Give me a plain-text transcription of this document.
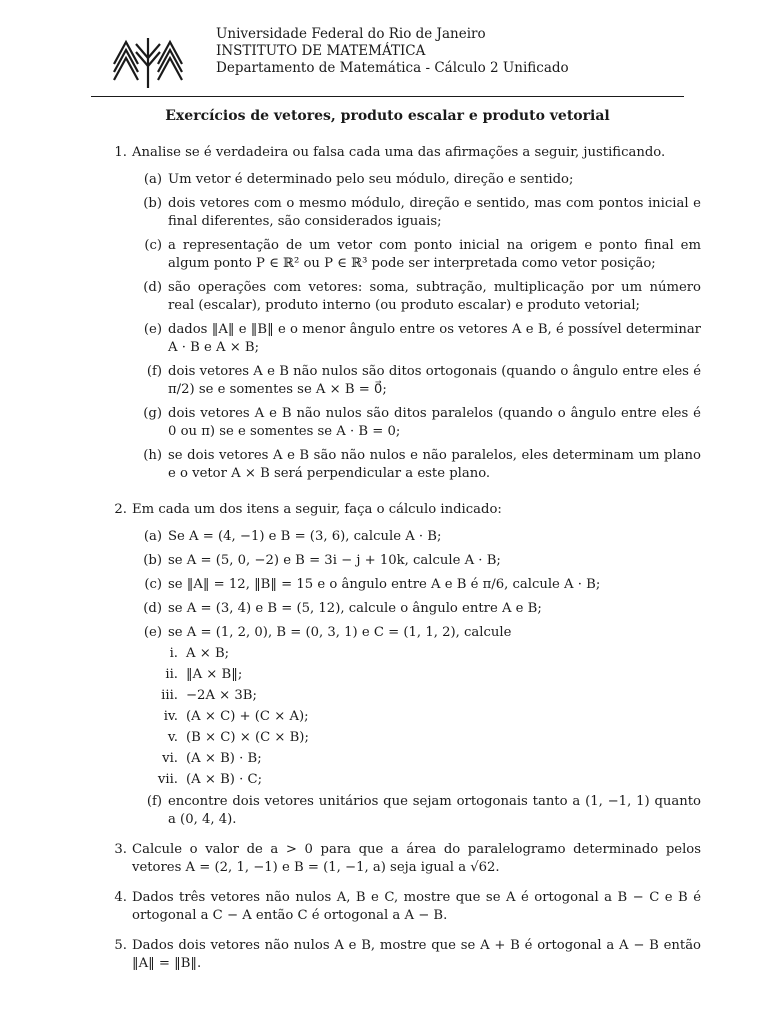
Universidade Federal do Rio de Janeiro
INSTITUTO DE MATEMÁTICA
Departamento de Matemática - Cálculo 2 Unificado
Exercícios de vetores, produto escalar e produto vetorial
1. Analise se é verdadeira ou falsa cada uma das afirmações a seguir, justificando.
(a) Um vetor é determinado pelo seu módulo, direção e sentido;
(b) dois vetores com o mesmo módulo, direção e sentido, mas com pontos inicial e final diferentes, são considerados iguais;
(c) a representação de um vetor com ponto inicial na origem e ponto final em algum ponto P ∈ ℝ² ou P ∈ ℝ³ pode ser interpretada como vetor posição;
(d) são operações com vetores: soma, subtração, multiplicação por um número real (escalar), produto interno (ou produto escalar) e produto vetorial;
(e) dados ‖A‖ e ‖B‖ e o menor ângulo entre os vetores A e B, é possível determinar A · B e A × B;
(f) dois vetores A e B não nulos são ditos ortogonais (quando o ângulo entre eles é π/2) se e somentes se A × B = 0⃗;
(g) dois vetores A e B não nulos são ditos paralelos (quando o ângulo entre eles é 0 ou π) se e somentes se A · B = 0;
(h) se dois vetores A e B são não nulos e não paralelos, eles determinam um plano e o vetor A × B será perpendicular a este plano.
2. Em cada um dos itens a seguir, faça o cálculo indicado:
(a) Se A = (4, −1) e B = (3, 6), calcule A · B;
(b) se A = (5, 0, −2) e B = 3i − j + 10k, calcule A · B;
(c) se ‖A‖ = 12, ‖B‖ = 15 e o ângulo entre A e B é π/6, calcule A · B;
(d) se A = (3, 4) e B = (5, 12), calcule o ângulo entre A e B;
(e) se A = (1, 2, 0), B = (0, 3, 1) e C = (1, 1, 2), calcule
i. A × B;
ii. ‖A × B‖;
iii. −2A × 3B;
iv. (A × C) + (C × A);
v. (B × C) × (C × B);
vi. (A × B) · B;
vii. (A × B) · C;
(f) encontre dois vetores unitários que sejam ortogonais tanto a (1, −1, 1) quanto a (0, 4, 4).
3. Calcule o valor de a > 0 para que a área do paralelogramo determinado pelos vetores A = (2, 1, −1) e B = (1, −1, a) seja igual a √62.
4. Dados três vetores não nulos A, B e C, mostre que se A é ortogonal a B − C e B é ortogonal a C − A então C é ortogonal a A − B.
5. Dados dois vetores não nulos A e B, mostre que se A + B é ortogonal a A − B então ‖A‖ = ‖B‖.
